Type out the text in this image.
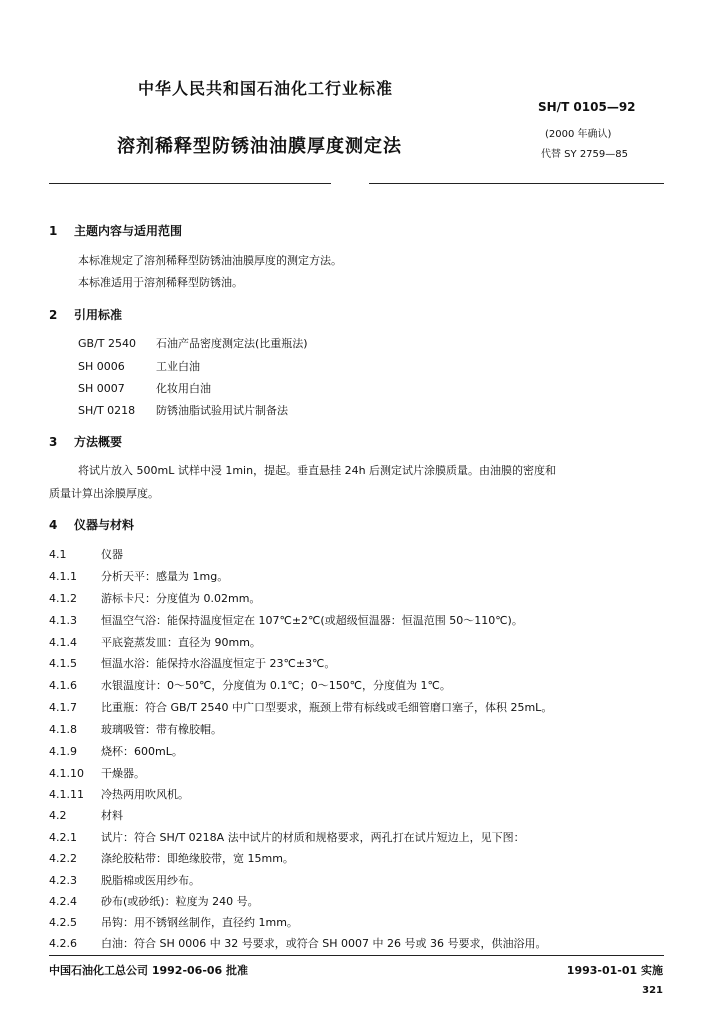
中华人民共和国石油化工行业标准
SH/T 0105—92
溶剂稀释型防锈油油膜厚度测定法
(2000 年确认)
代替 SY 2759—85
1 主题内容与适用范围
本标准规定了溶剂稀释型防锈油油膜厚度的测定方法。
本标准适用于溶剂稀释型防锈油。
2 引用标准
GB/T 2540 石油产品密度测定法(比重瓶法)
SH 0006	工业白油
SH 0007	化妆用白油
SH/T 0218 防锈油脂试验用试片制备法
3 方法概要
将试片放入 500mL 试样中浸 1min，提起。垂直悬挂 24h 后测定试片涂膜质量。由油膜的密度和
质量计算出涂膜厚度。
4 仪器与材料
4.1	仪器
4.1.1 分析天平：感量为 1mg。
4.1.2 游标卡尺：分度值为 0.02mm。
4.1.3 恒温空气浴：能保持温度恒定在 107℃±2℃(或超级恒温器：恒温范围 50～110℃)。
4.1.4 平底瓷蒸发皿：直径为 90mm。
4.1.5 恒温水浴：能保持水浴温度恒定于 23℃±3℃。
4.1.6 水银温度计：0～50℃，分度值为 0.1℃；0～150℃，分度值为 1℃。
4.1.7 比重瓶：符合 GB/T 2540 中广口型要求，瓶颈上带有标线或毛细管磨口塞子，体积 25mL。
4.1.8 玻璃吸管：带有橡胶帽。
4.1.9 烧杯：600mL。
4.1.10 干燥器。
4.1.11 冷热两用吹风机。
4.2	材料
4.2.1 试片：符合 SH/T 0218A 法中试片的材质和规格要求，两孔打在试片短边上，见下图：
4.2.2 涤纶胶粘带：即绝缘胶带，宽 15mm。
4.2.3 脱脂棉或医用纱布。
4.2.4 砂布(或砂纸)：粒度为 240 号。
4.2.5 吊钩：用不锈钢丝制作，直径约 1mm。
4.2.6 白油：符合 SH 0006 中 32 号要求，或符合 SH 0007 中 26 号或 36 号要求，供油浴用。
中国石油化工总公司 1992-06-06 批准	1993-01-01 实施
321
